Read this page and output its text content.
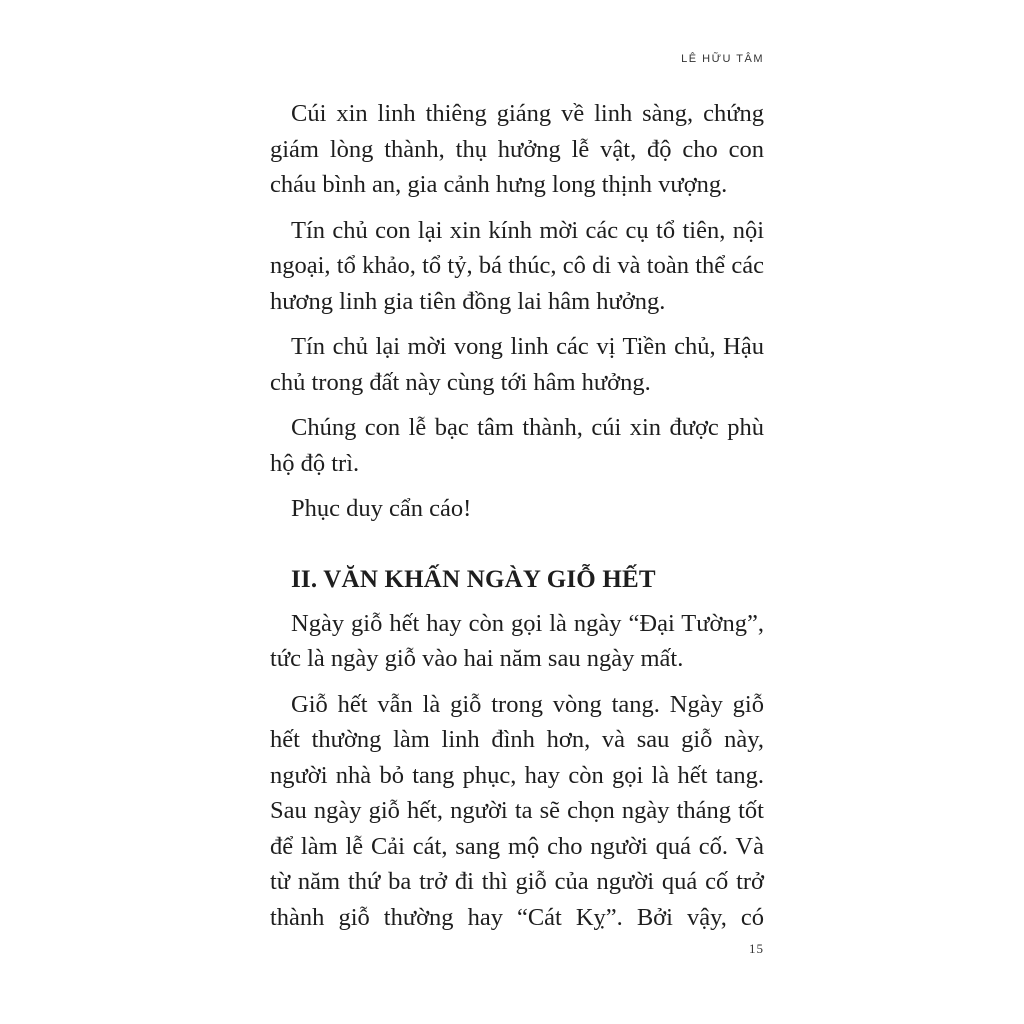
LÊ HỮU TÂM

Cúi xin linh thiêng giáng về linh sàng, chứng giám lòng thành, thụ hưởng lễ vật, độ cho con cháu bình an, gia cảnh hưng long thịnh vượng.

Tín chủ con lại xin kính mời các cụ tổ tiên, nội ngoại, tổ khảo, tổ tỷ, bá thúc, cô di và toàn thể các hương linh gia tiên đồng lai hâm hưởng.

Tín chủ lại mời vong linh các vị Tiền chủ, Hậu chủ trong đất này cùng tới hâm hưởng.

Chúng con lễ bạc tâm thành, cúi xin được phù hộ độ trì.

Phục duy cẩn cáo!

II. VĂN KHẤN NGÀY GIỖ HẾT

Ngày giỗ hết hay còn gọi là ngày “Đại Tường”, tức là ngày giỗ vào hai năm sau ngày mất.

Giỗ hết vẫn là giỗ trong vòng tang. Ngày giỗ hết thường làm linh đình hơn, và sau giỗ này, người nhà bỏ tang phục, hay còn gọi là hết tang. Sau ngày giỗ hết, người ta sẽ chọn ngày tháng tốt để làm lễ Cải cát, sang mộ cho người quá cố. Và từ năm thứ ba trở đi thì giỗ của người quá cố trở thành giỗ thường hay “Cát Kỵ”. Bởi vậy, có

15
